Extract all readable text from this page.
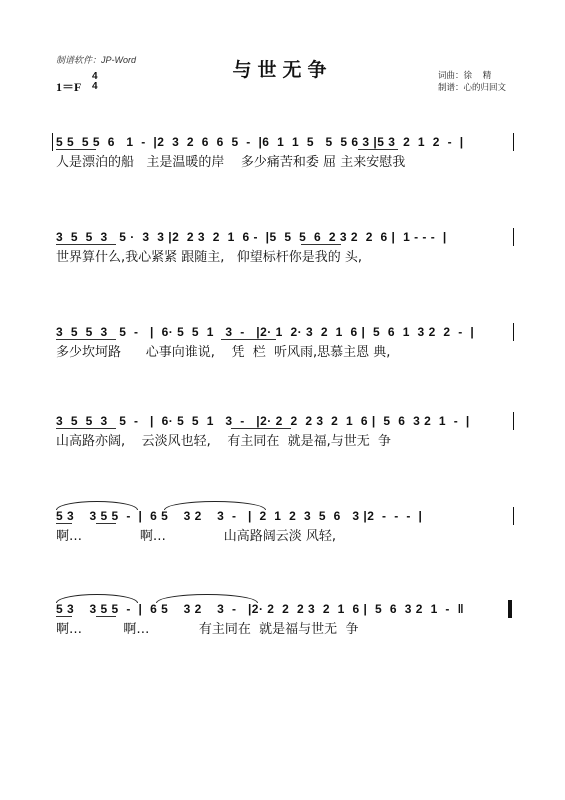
制谱软件：JP-Word	与世无争
1＝F
4
4
词曲：徐    精
制谱：心的归回文
5 5  5 5  6   1  -  |2  3  2  6  6  5  -  |6  1  1  5   5  5 6 3 |5 3  2  1  2  -  |
人是漂泊的船   主是温暖的岸    多少痛苦和委 屈 主来安慰我
3  5  5  3   5 ·  3  3 |2  2 3  2  1  6 -  |5  5  5  6  2 3 2  2  6 |  1 - - -  |
世界算什么,我心紧紧 跟随主,   仰望标杆你是我的 头,
3  5  5  3   5  -   |  6· 5  5  1   3  -   |2· 1  2· 3  2  1  6 |  5  6  1  3 2  2  -  |
多少坎坷路      心事向谁说,    凭  栏  听风雨,思慕主恩 典,
3  5  5  3   5  -   |  6· 5  5  1   3  -   |2· 2  2  2 3  2  1  6 |  5  6  3 2  1  -  |
山高路亦阔,    云淡风也轻,    有主同在  就是福,与世无  争
5 3    3 5 5  -  |  6 5    3 2    3  -   |  2  1  2  3  5  6   3 |2  -  -  -  |
啊…              啊…              山高路阔云淡 风轻,
5 3    3 5 5  -  |  6 5    3 2    3  -   |2· 2  2  2 3  2  1  6 |  5  6  3 2  1  -  ‖
啊…          啊…            有主同在  就是福与世无  争
